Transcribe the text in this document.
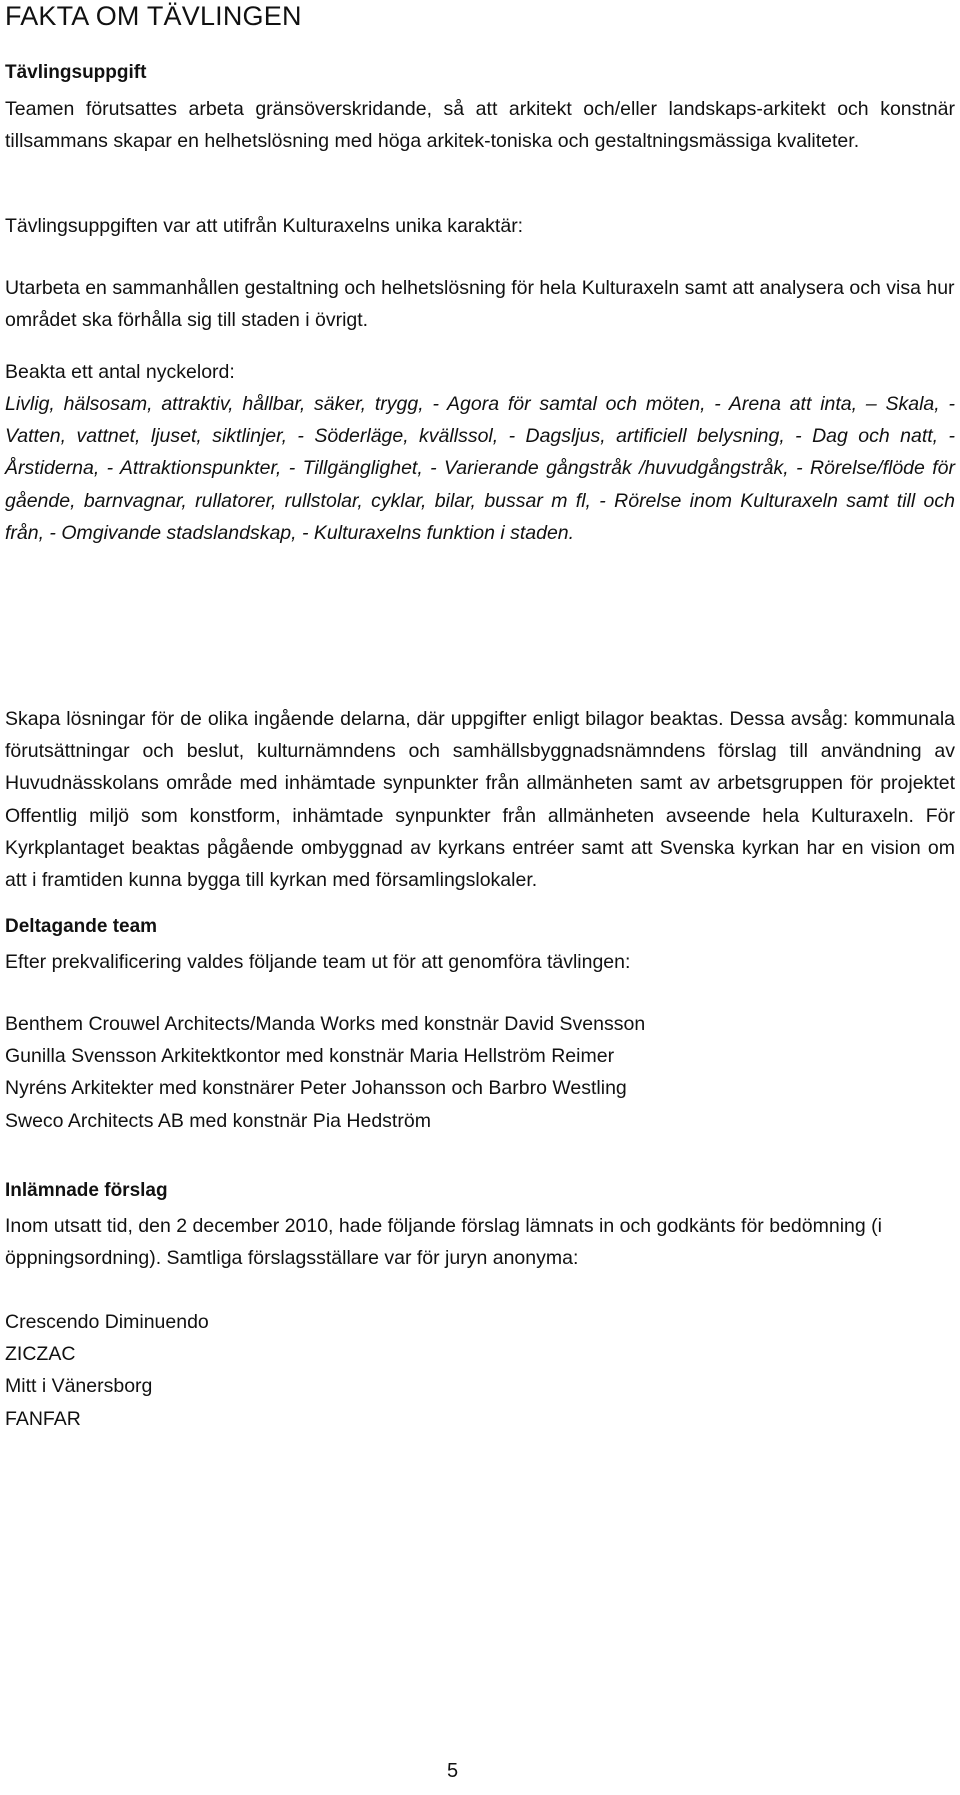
FAKTA OM TÄVLINGEN
Tävlingsuppgift

Teamen förutsattes arbeta gränsöverskridande, så att arkitekt och/eller landskaps-arkitekt och konstnär tillsammans skapar en helhetslösning med höga arkitek-toniska och gestaltningsmässiga kvaliteter.

Tävlingsuppgiften var att utifrån Kulturaxelns unika karaktär:

Utarbeta en sammanhållen gestaltning och helhetslösning för hela Kulturaxeln samt att analysera och visa hur området ska förhålla sig till staden i övrigt.

Beakta ett antal nyckelord:

Livlig, hälsosam, attraktiv, hållbar, säker, trygg, - Agora för samtal och möten, - Arena att inta, – Skala, - Vatten, vattnet, ljuset, siktlinjer, - Söderläge, kvällssol, - Dagsljus, artificiell belysning, - Dag och natt, - Årstiderna, - Attraktionspunkter, - Tillgänglighet, - Varierande gångstråk /huvudgångstråk, - Rörelse/flöde för gående, barnvagnar, rullatorer, rullstolar, cyklar, bilar, bussar m fl, - Rörelse inom Kulturaxeln samt till och från, - Omgivande stadslandskap, - Kulturaxelns funktion i staden.

Skapa lösningar för de olika ingående delarna, där uppgifter enligt bilagor beaktas. Dessa avsåg: kommunala förutsättningar och beslut, kulturnämndens och samhällsbyggnadsnämndens förslag till användning av Huvudnässkolans område med inhämtade synpunkter från allmänheten samt av arbetsgruppen för projektet Offentlig miljö som konstform, inhämtade synpunkter från allmänheten avseende hela Kulturaxeln. För Kyrkplantaget beaktas pågående ombyggnad av kyrkans entréer samt att Svenska kyrkan har en vision om att i framtiden kunna bygga till kyrkan med församlingslokaler.

Deltagande team

Efter prekvalificering valdes följande team ut för att genomföra tävlingen:

Benthem Crouwel Architects/Manda Works med konstnär David Svensson
Gunilla Svensson Arkitektkontor med konstnär Maria Hellström Reimer
Nyréns Arkitekter med konstnärer Peter Johansson och Barbro Westling
Sweco Architects AB med konstnär Pia Hedström
Inlämnade förslag

Inom utsatt tid, den 2 december 2010, hade följande förslag lämnats in och godkänts för bedömning (i öppningsordning). Samtliga förslagsställare var för juryn anonyma:

Crescendo Diminuendo
ZICZAC
Mitt i Vänersborg
FANFAR
5
